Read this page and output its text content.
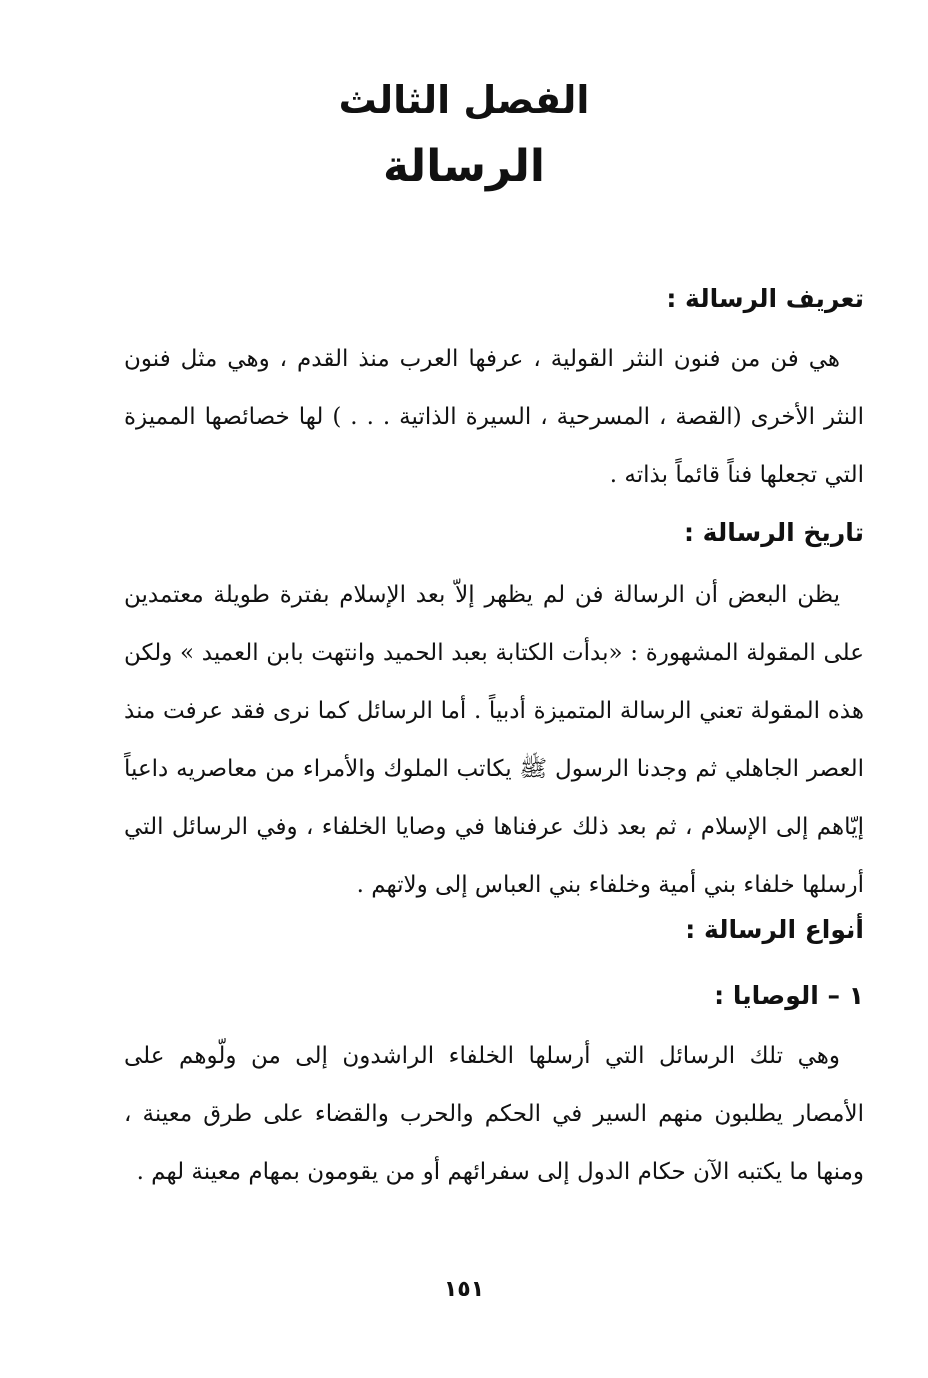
الفصل الثالث
الرسالة
تعريف الرسالة :

هي فن من فنون النثر القولية ، عرفها العرب منذ القدم ، وهي مثل فنون النثر الأخرى (القصة ، المسرحية ، السيرة الذاتية . . . ) لها خصائصها المميزة التي تجعلها فناً قائماً بذاته .

تاريخ الرسالة :

يظن البعض أن الرسالة فن لم يظهر إلاّ بعد الإسلام بفترة طويلة معتمدين على المقولة المشهورة : «بدأت الكتابة بعبد الحميد وانتهت بابن العميد » ولكن هذه المقولة تعني الرسالة المتميزة أدبياً . أما الرسائل كما نرى فقد عرفت منذ العصر الجاهلي ثم وجدنا الرسول ﷺ يكاتب الملوك والأمراء من معاصريه داعياً إيّاهم إلى الإسلام ، ثم بعد ذلك عرفناها في وصايا الخلفاء ، وفي الرسائل التي أرسلها خلفاء بني أمية وخلفاء بني العباس إلى ولاتهم .

أنواع الرسالة :
١ – الوصايا :

وهي تلك الرسائل التي أرسلها الخلفاء الراشدون إلى من ولّوهم على الأمصار يطلبون منهم السير في الحكم والحرب والقضاء على طرق معينة ، ومنها ما يكتبه الآن حكام الدول إلى سفرائهم أو من يقومون بمهام معينة لهم .

١٥١
